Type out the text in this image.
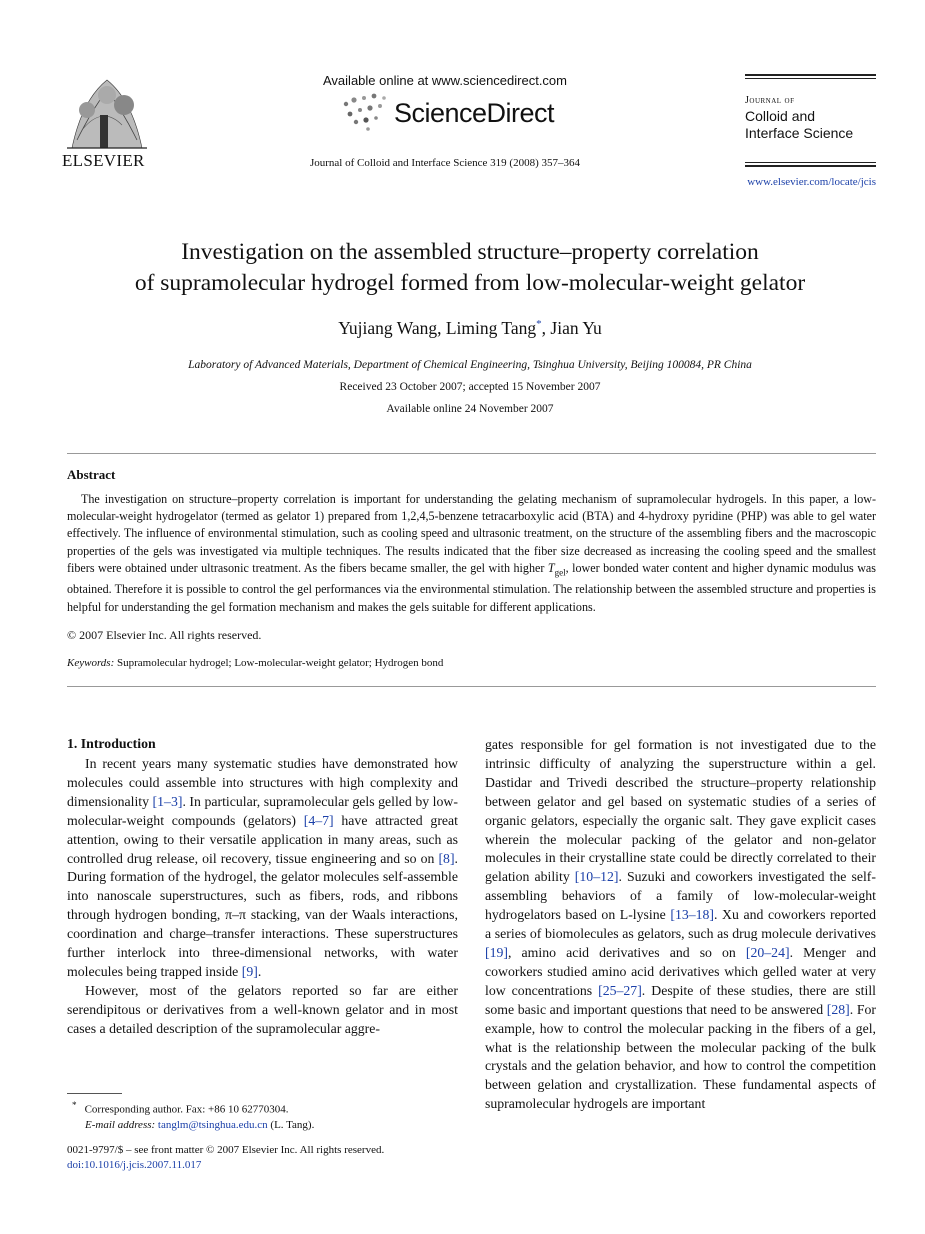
ELSEVIER
Available online at www.sciencedirect.com
ScienceDirect
Journal of Colloid and Interface Science 319 (2008) 357–364
Journal of
Colloid and
Interface Science
www.elsevier.com/locate/jcis
Investigation on the assembled structure–property correlation
of supramolecular hydrogel formed from low-molecular-weight gelator
Yujiang Wang, Liming Tang*, Jian Yu
Laboratory of Advanced Materials, Department of Chemical Engineering, Tsinghua University, Beijing 100084, PR China
Received 23 October 2007; accepted 15 November 2007
Available online 24 November 2007
Abstract
The investigation on structure–property correlation is important for understanding the gelating mechanism of supramolecular hydrogels. In this paper, a low-molecular-weight hydrogelator (termed as gelator 1) prepared from 1,2,4,5-benzene tetracarboxylic acid (BTA) and 4-hydroxy pyridine (PHP) was able to gel water effectively. The influence of environmental stimulation, such as cooling speed and ultrasonic treatment, on the structure of the assembling fibers and the macroscopic properties of the gels was investigated via multiple techniques. The results indicated that the fiber size decreased as increasing the cooling speed and the smallest fibers were obtained under ultrasonic treatment. As the fibers became smaller, the gel with higher $T_{gel}$, lower bonded water content and higher dynamic modulus was obtained. Therefore it is possible to control the gel performances via the environmental stimulation. The relationship between the assembled structure and properties is helpful for understanding the gel formation mechanism and makes the gels suitable for different applications.
© 2007 Elsevier Inc. All rights reserved.
Keywords: Supramolecular hydrogel; Low-molecular-weight gelator; Hydrogen bond
1. Introduction

In recent years many systematic studies have demonstrated how molecules could assemble into structures with high complexity and dimensionality [1–3]. In particular, supramolecular gels gelled by low-molecular-weight compounds (gelators) [4–7] have attracted great attention, owing to their versatile application in many areas, such as controlled drug release, oil recovery, tissue engineering and so on [8]. During formation of the hydrogel, the gelator molecules self-assemble into nanoscale superstructures, such as fibers, rods, and ribbons through hydrogen bonding, π–π stacking, van der Waals interactions, coordination and charge–transfer interactions. These superstructures further interlock into three-dimensional networks, with water molecules being trapped inside [9].

However, most of the gelators reported so far are either serendipitous or derivatives from a well-known gelator and in most cases a detailed description of the supramolecular aggre-

gates responsible for gel formation is not investigated due to the intrinsic difficulty of analyzing the superstructure within a gel. Dastidar and Trivedi described the structure–property relationship between gelator and gel based on systematic studies of a series of organic gelators, especially the organic salt. They gave explicit cases wherein the molecular packing of the gelator and non-gelator molecules in their crystalline state could be directly correlated to their gelation ability [10–12]. Suzuki and coworkers investigated the self-assembling behaviors of a family of low-molecular-weight hydrogelators based on L-lysine [13–18]. Xu and coworkers reported a series of biomolecules as gelators, such as drug molecule derivatives [19], amino acid derivatives and so on [20–24]. Menger and coworkers studied amino acid derivatives which gelled water at very low concentrations [25–27]. Despite of these studies, there are still some basic and important questions that need to be answered [28]. For example, how to control the molecular packing in the fibers of a gel, what is the relationship between the molecular packing of the bulk crystals and the gelation behavior, and how to control the competition between gelation and crystallization. These fundamental aspects of supramolecular hydrogels are important

* Corresponding author. Fax: +86 10 62770304.
E-mail address: tanglm@tsinghua.edu.cn (L. Tang).
0021-9797/$ – see front matter © 2007 Elsevier Inc. All rights reserved.
doi:10.1016/j.jcis.2007.11.017
